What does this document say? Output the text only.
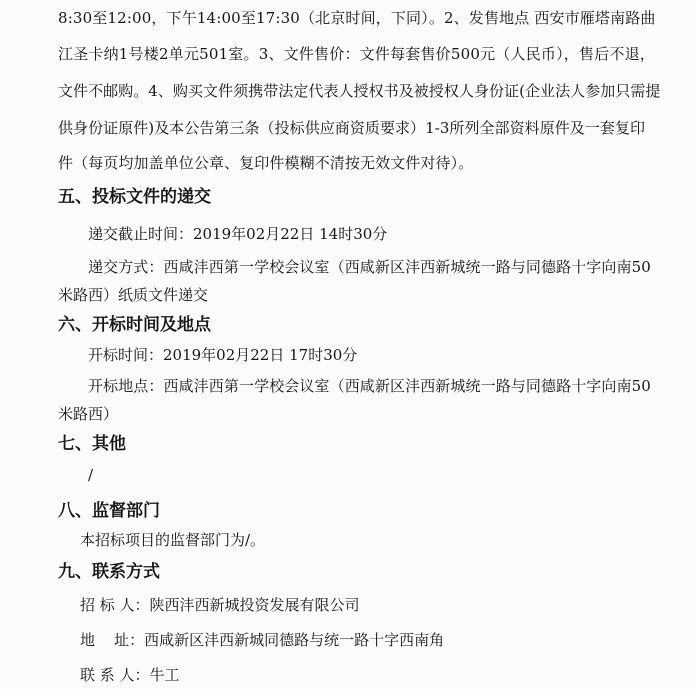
8:30至12:00，下午14:00至17:30（北京时间，下同）。2、发售地点 西安市雁塔南路曲
江圣卡纳1号楼2单元501室。3、文件售价：文件每套售价500元（人民币），售后不退，
文件不邮购。4、购买文件须携带法定代表人授权书及被授权人身份证(企业法人参加只需提
供身份证原件)及本公告第三条（投标供应商资质要求）1-3所列全部资料原件及一套复印
件（每页均加盖单位公章、复印件模糊不清按无效文件对待）。
五、投标文件的递交
递交截止时间：2019年02月22日 14时30分
递交方式：西咸沣西第一学校会议室（西咸新区沣西新城统一路与同德路十字向南50
米路西）纸质文件递交
六、开标时间及地点
开标时间：2019年02月22日 17时30分
开标地点：西咸沣西第一学校会议室（西咸新区沣西新城统一路与同德路十字向南50
米路西）
七、其他
/
八、监督部门
本招标项目的监督部门为/。
九、联系方式
招 标 人：陕西沣西新城投资发展有限公司
地    址：西咸新区沣西新城同德路与统一路十字西南角
联 系 人：牛工
